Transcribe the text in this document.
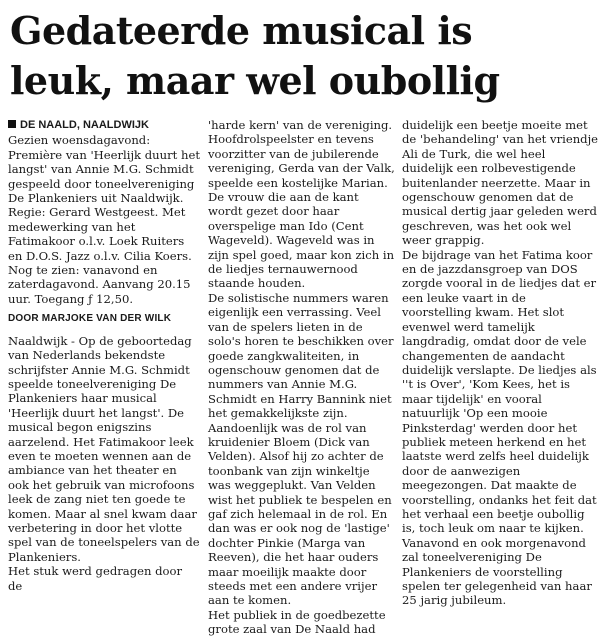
Gedateerde musical is
leuk, maar wel oubollig
DE NAALD, NAALDWIJK

Gezien woensdagavond: Première van 'Heerlijk duurt het langst' van Annie M.G. Schmidt gespeeld door toneelvereniging De Plankeniers uit Naaldwijk. Regie: Gerard Westgeest. Met medewerking van het Fatimakoor o.l.v. Loek Ruiters en D.O.S. Jazz o.l.v. Cilia Koers. Nog te zien: vanavond en zaterdagavond. Aanvang 20.15 uur. Toegang ƒ 12,50.

DOOR MARJOKE VAN DER WILK

Naaldwijk - Op de geboortedag van Nederlands bekendste schrijfster Annie M.G. Schmidt speelde toneelvereniging De Plankeniers haar musical 'Heerlijk duurt het langst'. De musical begon enigszins aarzelend. Het Fatimakoor leek even te moeten wennen aan de ambiance van het theater en ook het gebruik van microfoons leek de zang niet ten goede te komen. Maar al snel kwam daar verbetering in door het vlotte spel van de toneelspelers van de Plankeniers.

Het stuk werd gedragen door de

'harde kern' van de vereniging. Hoofdrolspeelster en tevens voorzitter van de jubilerende vereniging, Gerda van der Valk, speelde een kostelijke Marian. De vrouw die aan de kant wordt gezet door haar overspelige man Ido (Cent Wageveld). Wageveld was in zijn spel goed, maar kon zich in de liedjes ternauwernood staande houden.

De solistische nummers waren eigenlijk een verrassing. Veel van de spelers lieten in de solo's horen te beschikken over goede zangkwaliteiten, in ogenschouw genomen dat de nummers van Annie M.G. Schmidt en Harry Bannink niet het gemakkelijkste zijn. Aandoenlijk was de rol van kruidenier Bloem (Dick van Velden). Alsof hij zo achter de toonbank van zijn winkeltje was weggeplukt. Van Velden wist het publiek te bespelen en gaf zich helemaal in de rol. En dan was er ook nog de 'lastige' dochter Pinkie (Marga van Reeven), die het haar ouders maar moeilijk maakte door steeds met een andere vrijer aan te komen.

Het publiek in de goedbezette grote zaal van De Naald had

duidelijk een beetje moeite met de 'behandeling' van het vriendje Ali de Turk, die wel heel duidelijk een rolbevestigende buitenlander neerzette. Maar in ogenschouw genomen dat de musical dertig jaar geleden werd geschreven, was het ook wel weer grappig.

De bijdrage van het Fatima koor en de jazzdansgroep van DOS zorgde vooral in de liedjes dat er een leuke vaart in de voorstelling kwam. Het slot evenwel werd tamelijk langdradig, omdat door de vele changementen de aandacht duidelijk verslapte. De liedjes als ''t is Over', 'Kom Kees, het is maar tijdelijk' en vooral natuurlijk 'Op een mooie Pinksterdag' werden door het publiek meteen herkend en het laatste werd zelfs heel duidelijk door de aanwezigen meegezongen. Dat maakte de voorstelling, ondanks het feit dat het verhaal een beetje oubollig is, toch leuk om naar te kijken.

Vanavond en ook morgenavond zal toneelvereniging De Plankeniers de voorstelling spelen ter gelegenheid van haar 25 jarig jubileum.
